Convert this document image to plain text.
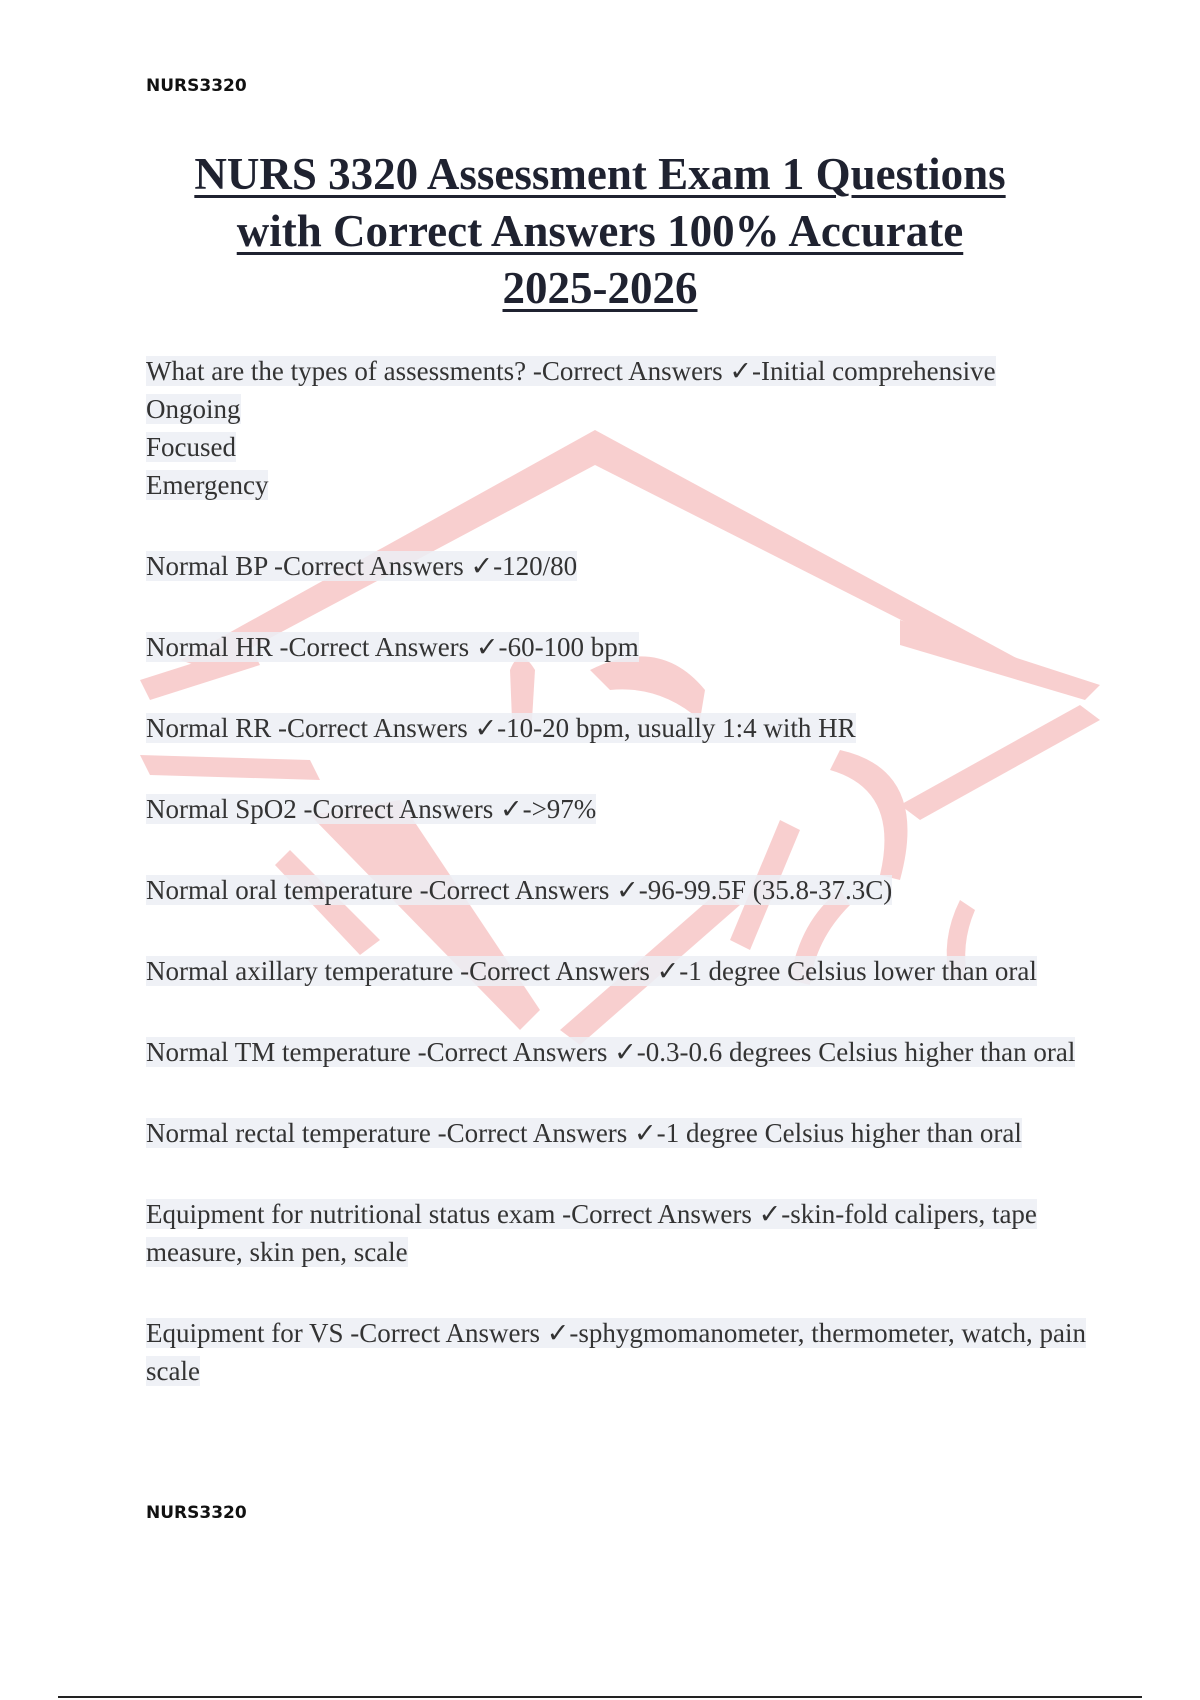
NURS3320
NURS 3320 Assessment Exam 1 Questions
with Correct Answers 100% Accurate
2025-2026
What are the types of assessments? -Correct Answers ✓-Initial comprehensive
Ongoing
Focused
Emergency
Normal BP -Correct Answers ✓-120/80
Normal HR -Correct Answers ✓-60-100 bpm
Normal RR -Correct Answers ✓-10-20 bpm, usually 1:4 with HR
Normal SpO2 -Correct Answers ✓->97%
Normal oral temperature -Correct Answers ✓-96-99.5F (35.8-37.3C)
Normal axillary temperature -Correct Answers ✓-1 degree Celsius lower than oral
Normal TM temperature -Correct Answers ✓-0.3-0.6 degrees Celsius higher than oral
Normal rectal temperature -Correct Answers ✓-1 degree Celsius higher than oral
Equipment for nutritional status exam -Correct Answers ✓-skin-fold calipers, tape measure, skin pen, scale
Equipment for VS -Correct Answers ✓-sphygmomanometer, thermometer, watch, pain scale
NURS3320
